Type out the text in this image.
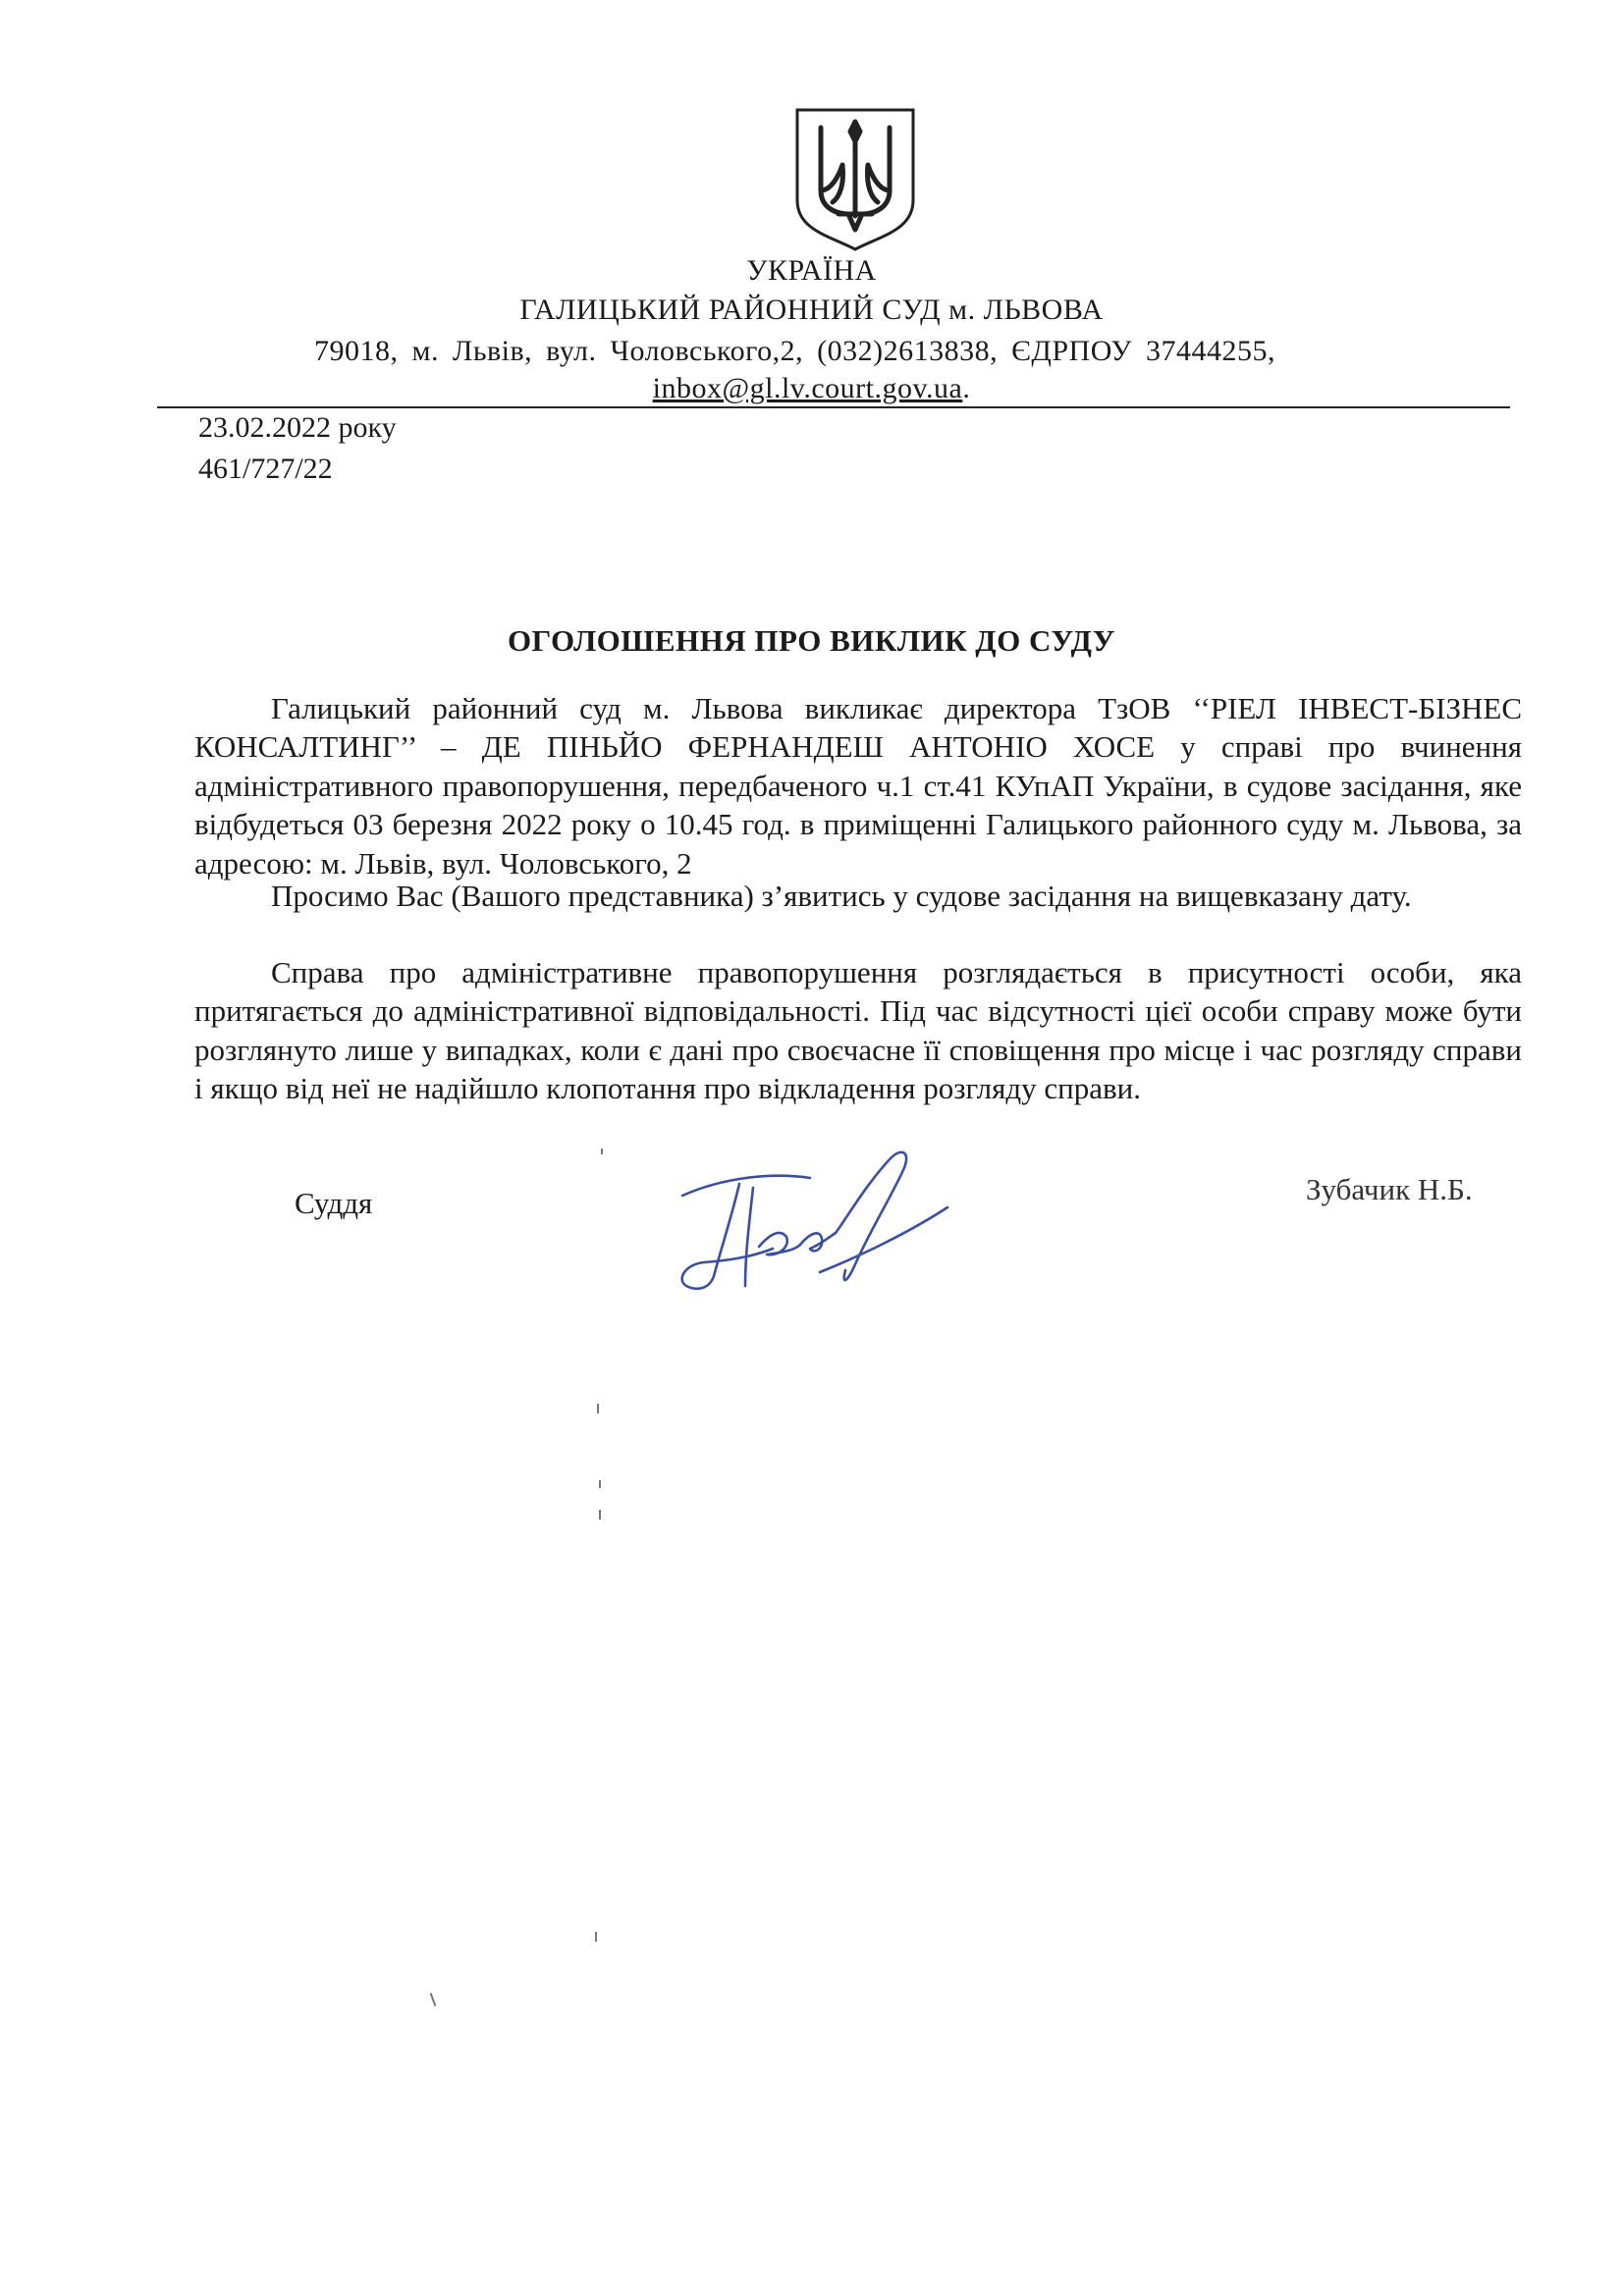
УКРАЇНА
ГАЛИЦЬКИЙ РАЙОННИЙ СУД м. ЛЬВОВА
79018, м. Львів, вул. Чоловського,2, (032)2613838, ЄДРПОУ 37444255,
inbox@gl.lv.court.gov.ua.
23.02.2022 року
461/727/22
ОГОЛОШЕННЯ ПРО ВИКЛИК ДО СУДУ

Галицький районний суд м. Львова викликає директора ТзОВ ‘‘РІЕЛ ІНВЕСТ-БІЗНЕС КОНСАЛТИНГ’’ – ДЕ ПІНЬЙО ФЕРНАНДЕШ АНТОНІО ХОСЕ у справі про вчинення адміністративного правопорушення, передбаченого ч.1 ст.41 КУпАП України, в судове засідання, яке відбудеться 03 березня 2022 року о 10.45 год. в приміщенні Галицького районного суду м. Львова, за адресою: м. Львів, вул. Чоловського, 2

Просимо Вас (Вашого представника) з’явитись у судове засідання на вищевказану дату.

Справа про адміністративне правопорушення розглядається в присутності особи, яка притягається до адміністративної відповідальності. Під час відсутності цієї особи справу може бути розглянуто лише у випадках, коли є дані про своєчасне її сповіщення про місце і час розгляду справи і якщо від неї не надійшло клопотання про відкладення розгляду справи.

Суддя	Зубачик Н.Б.
